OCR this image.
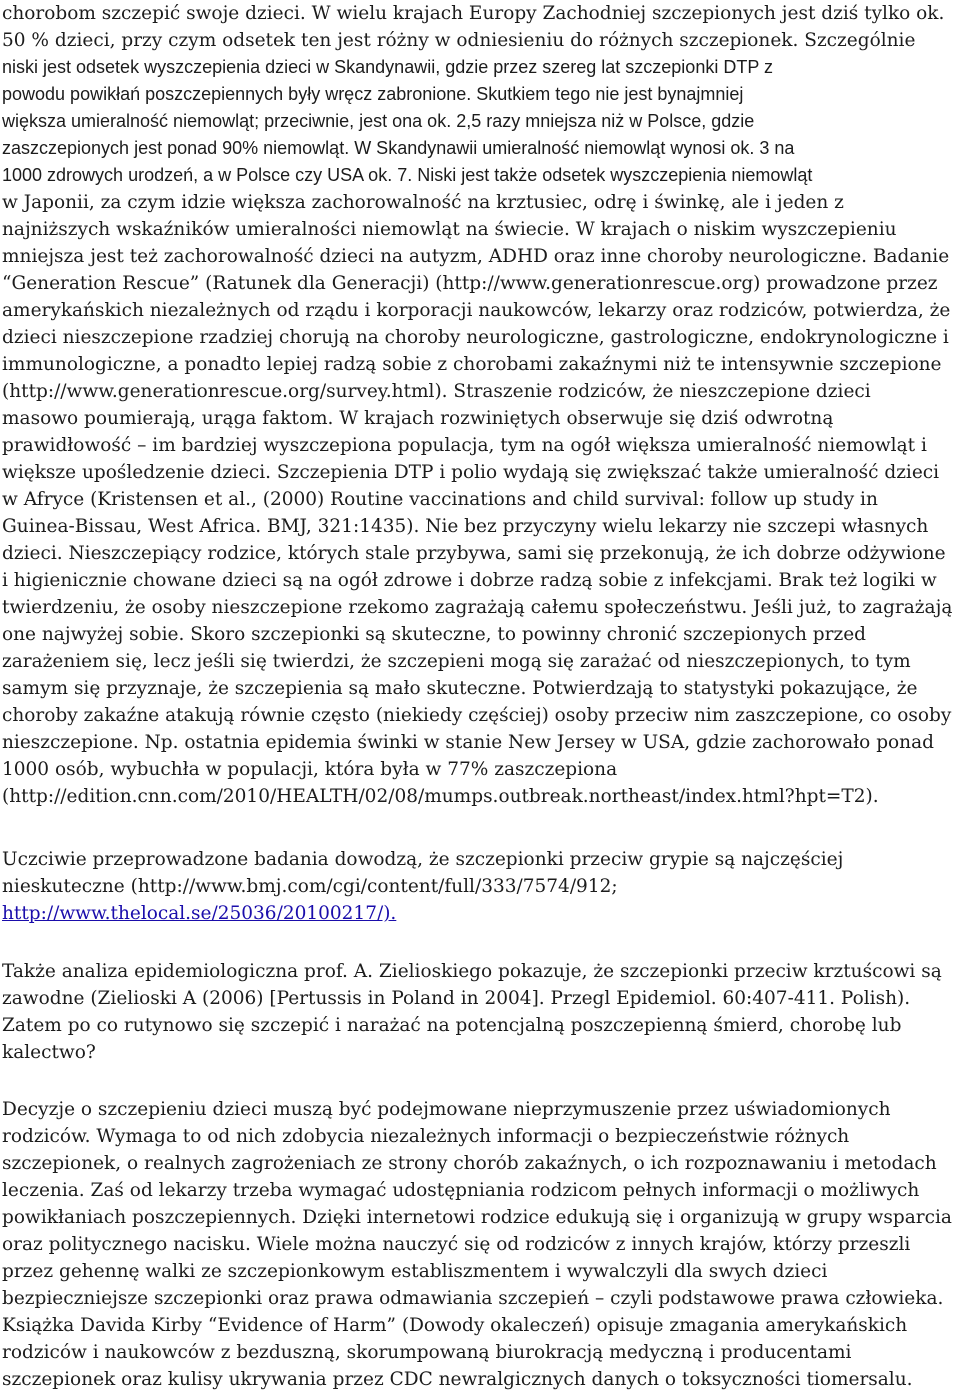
chorobom szczepić swoje dzieci. W wielu krajach Europy Zachodniej szczepionych jest dziś tylko ok.
50 % dzieci, przy czym odsetek ten jest różny w odniesieniu do różnych szczepionek. Szczególnie
niski jest odsetek wyszczepienia dzieci w Skandynawii, gdzie przez szereg lat szczepionki DTP z
powodu powikłań poszczepiennych były wręcz zabronione. Skutkiem tego nie jest bynajmniej
większa umieralność niemowląt; przeciwnie, jest ona ok. 2,5 razy mniejsza niż w Polsce, gdzie
zaszczepionych jest ponad 90% niemowląt. W Skandynawii umieralność niemowląt wynosi ok. 3 na
1000 zdrowych urodzeń, a w Polsce czy USA ok. 7. Niski jest także odsetek wyszczepienia niemowląt
w Japonii, za czym idzie większa zachorowalność na krztusiec, odrę i świnkę, ale i jeden z
najniższych wskaźników umieralności niemowląt na świecie. W krajach o niskim wyszczepieniu
mniejsza jest też zachorowalność dzieci na autyzm, ADHD oraz inne choroby neurologiczne. Badanie
“Generation Rescue” (Ratunek dla Generacji) (http://www.generationrescue.org) prowadzone przez
amerykańskich niezależnych od rządu i korporacji naukowców, lekarzy oraz rodziców, potwierdza, że
dzieci nieszczepione rzadziej chorują na choroby neurologiczne, gastrologiczne, endokrynologiczne i
immunologiczne, a ponadto lepiej radzą sobie z chorobami zakaźnymi niż te intensywnie szczepione
(http://www.generationrescue.org/survey.html). Straszenie rodziców, że nieszczepione dzieci
masowo poumierają, urąga faktom. W krajach rozwiniętych obserwuje się dziś odwrotną
prawidłowość – im bardziej wyszczepiona populacja, tym na ogół większa umieralność niemowląt i
większe upośledzenie dzieci. Szczepienia DTP i polio wydają się zwiększać także umieralność dzieci
w Afryce (Kristensen et al., (2000) Routine vaccinations and child survival: follow up study in
Guinea-Bissau, West Africa. BMJ, 321:1435). Nie bez przyczyny wielu lekarzy nie szczepi własnych
dzieci. Nieszczepiący rodzice, których stale przybywa, sami się przekonują, że ich dobrze odżywione
i higienicznie chowane dzieci są na ogół zdrowe i dobrze radzą sobie z infekcjami. Brak też logiki w
twierdzeniu, że osoby nieszczepione rzekomo zagrażają całemu społeczeństwu. Jeśli już, to zagrażają
one najwyżej sobie. Skoro szczepionki są skuteczne, to powinny chronić szczepionych przed
zarażeniem się, lecz jeśli się twierdzi, że szczepieni mogą się zarażać od nieszczepionych, to tym
samym się przyznaje, że szczepienia są mało skuteczne. Potwierdzają to statystyki pokazujące, że
choroby zakaźne atakują równie często (niekiedy częściej) osoby przeciw nim zaszczepione, co osoby
nieszczepione. Np. ostatnia epidemia świnki w stanie New Jersey w USA, gdzie zachorowało ponad
1000 osób, wybuchła w populacji, która była w 77% zaszczepiona
(http://edition.cnn.com/2010/HEALTH/02/08/mumps.outbreak.northeast/index.html?hpt=T2).
Uczciwie przeprowadzone badania dowodzą, że szczepionki przeciw grypie są najczęściej
nieskuteczne (http://www.bmj.com/cgi/content/full/333/7574/912;
http://www.thelocal.se/25036/20100217/).
Także analiza epidemiologiczna prof. A. Zielioskiego pokazuje, że szczepionki przeciw krztuścowi są
zawodne (Zielioski A (2006) [Pertussis in Poland in 2004]. Przegl Epidemiol. 60:407-411. Polish).
Zatem po co rutynowo się szczepić i narażać na potencjalną poszczepienną śmierd, chorobę lub
kalectwo?
Decyzje o szczepieniu dzieci muszą być podejmowane nieprzymuszenie przez uświadomionych
rodziców. Wymaga to od nich zdobycia niezależnych informacji o bezpieczeństwie różnych
szczepionek, o realnych zagrożeniach ze strony chorób zakaźnych, o ich rozpoznawaniu i metodach
leczenia. Zaś od lekarzy trzeba wymagać udostępniania rodzicom pełnych informacji o możliwych
powikłaniach poszczepiennych. Dzięki internetowi rodzice edukują się i organizują w grupy wsparcia
oraz politycznego nacisku. Wiele można nauczyć się od rodziców z innych krajów, którzy przeszli
przez gehennę walki ze szczepionkowym establiszmentem i wywalczyli dla swych dzieci
bezpieczniejsze szczepionki oraz prawa odmawiania szczepień – czyli podstawowe prawa człowieka.
Książka Davida Kirby “Evidence of Harm” (Dowody okaleczeń) opisuje zmagania amerykańskich
rodziców i naukowców z bezduszną, skorumpowaną biurokracją medyczną i producentami
szczepionek oraz kulisy ukrywania przez CDC newralgicznych danych o toksyczności tiomersalu.
